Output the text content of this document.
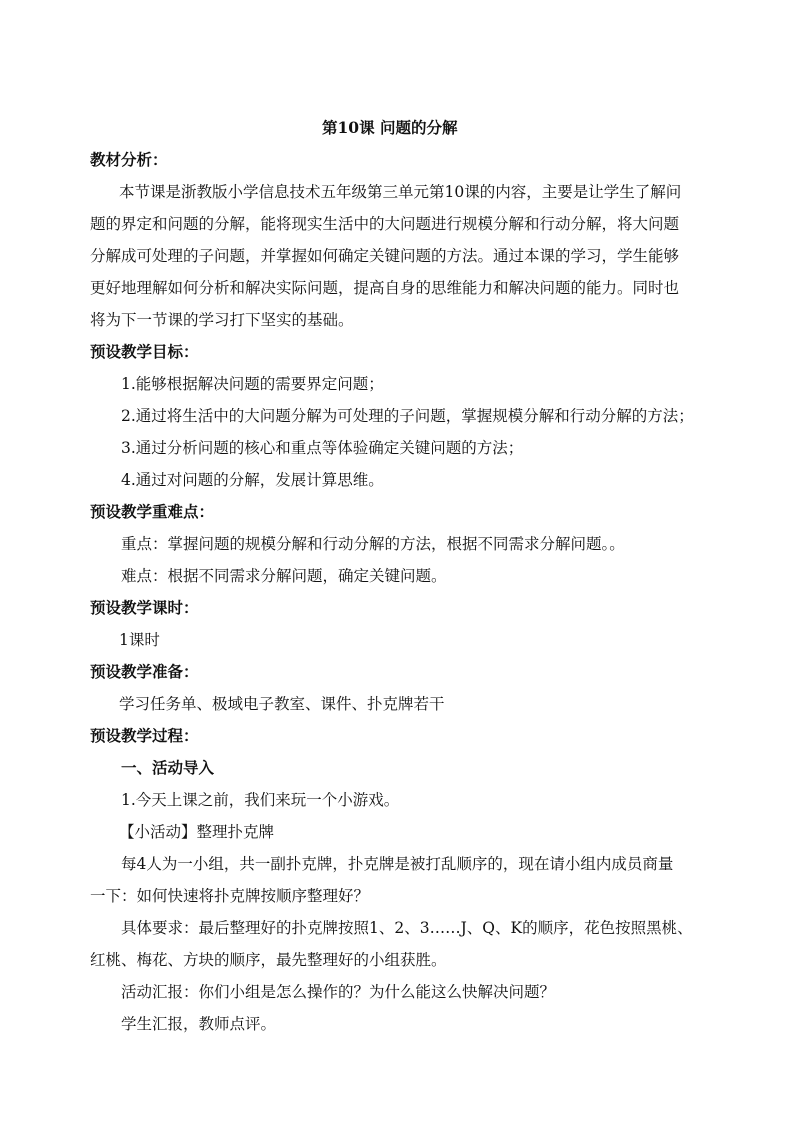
第10课 问题的分解

教材分析：

本节课是浙教版小学信息技术五年级第三单元第10课的内容，主要是让学生了解问

题的界定和问题的分解，能将现实生活中的大问题进行规模分解和行动分解，将大问题

分解成可处理的子问题，并掌握如何确定关键问题的方法。通过本课的学习，学生能够

更好地理解如何分析和解决实际问题，提高自身的思维能力和解决问题的能力。同时也

将为下一节课的学习打下坚实的基础。

预设教学目标：

1.能够根据解决问题的需要界定问题；

2.通过将生活中的大问题分解为可处理的子问题，掌握规模分解和行动分解的方法；

3.通过分析问题的核心和重点等体验确定关键问题的方法；

4.通过对问题的分解，发展计算思维。

预设教学重难点：

重点：掌握问题的规模分解和行动分解的方法，根据不同需求分解问题。。

难点：根据不同需求分解问题，确定关键问题。

预设教学课时：

1课时

预设教学准备：

学习任务单、极域电子教室、课件、扑克牌若干

预设教学过程：

一、活动导入

1.今天上课之前，我们来玩一个小游戏。

【小活动】整理扑克牌

每4人为一小组，共一副扑克牌，扑克牌是被打乱顺序的，现在请小组内成员商量

一下：如何快速将扑克牌按顺序整理好？

具体要求：最后整理好的扑克牌按照1、2、3……J、Q、K的顺序，花色按照黑桃、

红桃、梅花、方块的顺序，最先整理好的小组获胜。

活动汇报：你们小组是怎么操作的？为什么能这么快解决问题？

学生汇报，教师点评。
